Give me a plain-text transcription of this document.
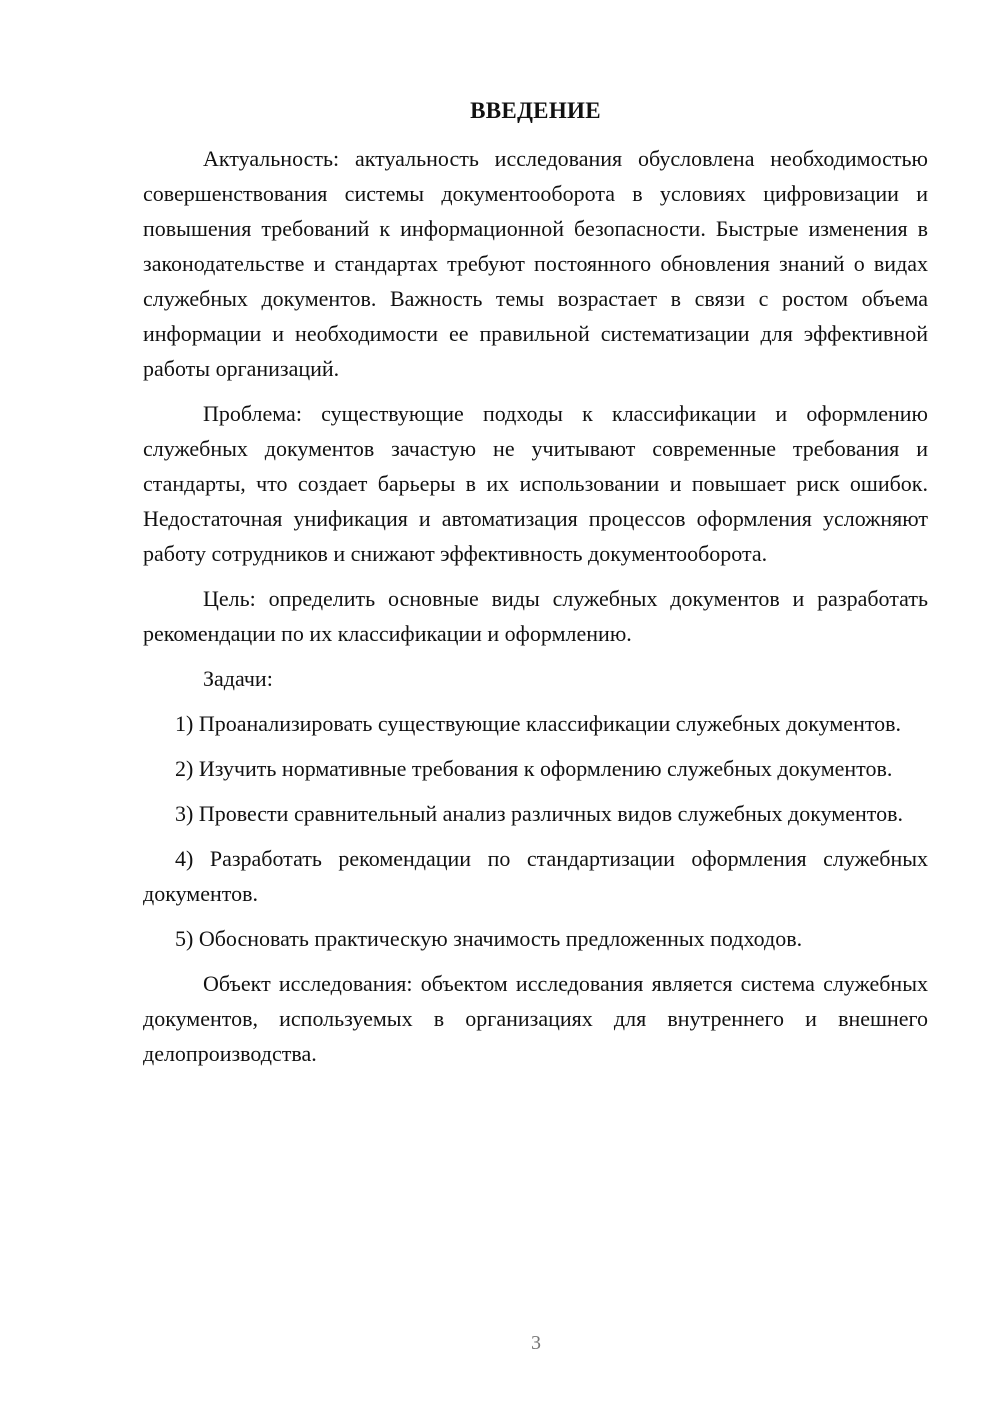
ВВЕДЕНИЕ

Актуальность: актуальность исследования обусловлена необходимостью совершенствования системы документооборота в условиях цифровизации и повышения требований к информационной безопасности. Быстрые изменения в законодательстве и стандартах требуют постоянного обновления знаний о видах служебных документов. Важность темы возрастает в связи с ростом объема информации и необходимости ее правильной систематизации для эффективной работы организаций.

Проблема: существующие подходы к классификации и оформлению служебных документов зачастую не учитывают современные требования и стандарты, что создает барьеры в их использовании и повышает риск ошибок. Недостаточная унификация и автоматизация процессов оформления усложняют работу сотрудников и снижают эффективность документооборота.

Цель: определить основные виды служебных документов и разработать рекомендации по их классификации и оформлению.

Задачи:

1) Проанализировать существующие классификации служебных документов.

2) Изучить нормативные требования к оформлению служебных документов.

3) Провести сравнительный анализ различных видов служебных документов.

4) Разработать рекомендации по стандартизации оформления служебных документов.

5) Обосновать практическую значимость предложенных подходов.

Объект исследования: объектом исследования является система служебных документов, используемых в организациях для внутреннего и внешнего делопроизводства.

3
